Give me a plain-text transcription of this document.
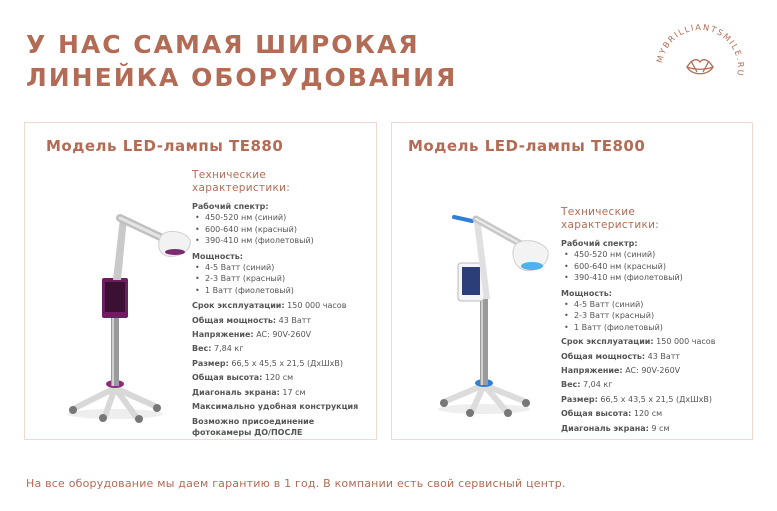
У НАС САМАЯ ШИРОКАЯ
ЛИНЕЙКА ОБОРУДОВАНИЯ
MYBRILLIANTSMILE.RU
Модель LED-лампы TE880
Технические
характеристики:
Рабочий спектр:
• 450-520 нм (синий)
• 600-640 нм (красный)
• 390-410 нм (фиолетовый)
Мощность:
• 4-5 Ватт (синий)
• 2-3 Ватт (красный)
• 1 Ватт (фиолетовый)
Срок эксплуатации: 150 000 часов
Общая мощность: 43 Ватт
Напряжение: AC: 90V-260V
Вес: 7,84 кг
Размер: 66,5 х 45,5 х 21,5 (ДхШхВ)
Общая высота: 120 см
Диагональ экрана: 17 см
Максимально удобная конструкция
Возможно присоединение
фотокамеры ДО/ПОСЛЕ
Модель LED-лампы TE800
Технические
характеристики:
Рабочий спектр:
• 450-520 нм (синий)
• 600-640 нм (красный)
• 390-410 нм (фиолетовый)
Мощность:
• 4-5 Ватт (синий)
• 2-3 Ватт (красный)
• 1 Ватт (фиолетовый)
Срок эксплуатации: 150 000 часов
Общая мощность: 43 Ватт
Напряжение: AC: 90V-260V
Вес: 7,04 кг
Размер: 66,5 х 43,5 х 21,5 (ДхШхВ)
Общая высота: 120 см
Диагональ экрана: 9 см
На все оборудование мы даем гарантию в 1 год. В компании есть свой сервисный центр.
